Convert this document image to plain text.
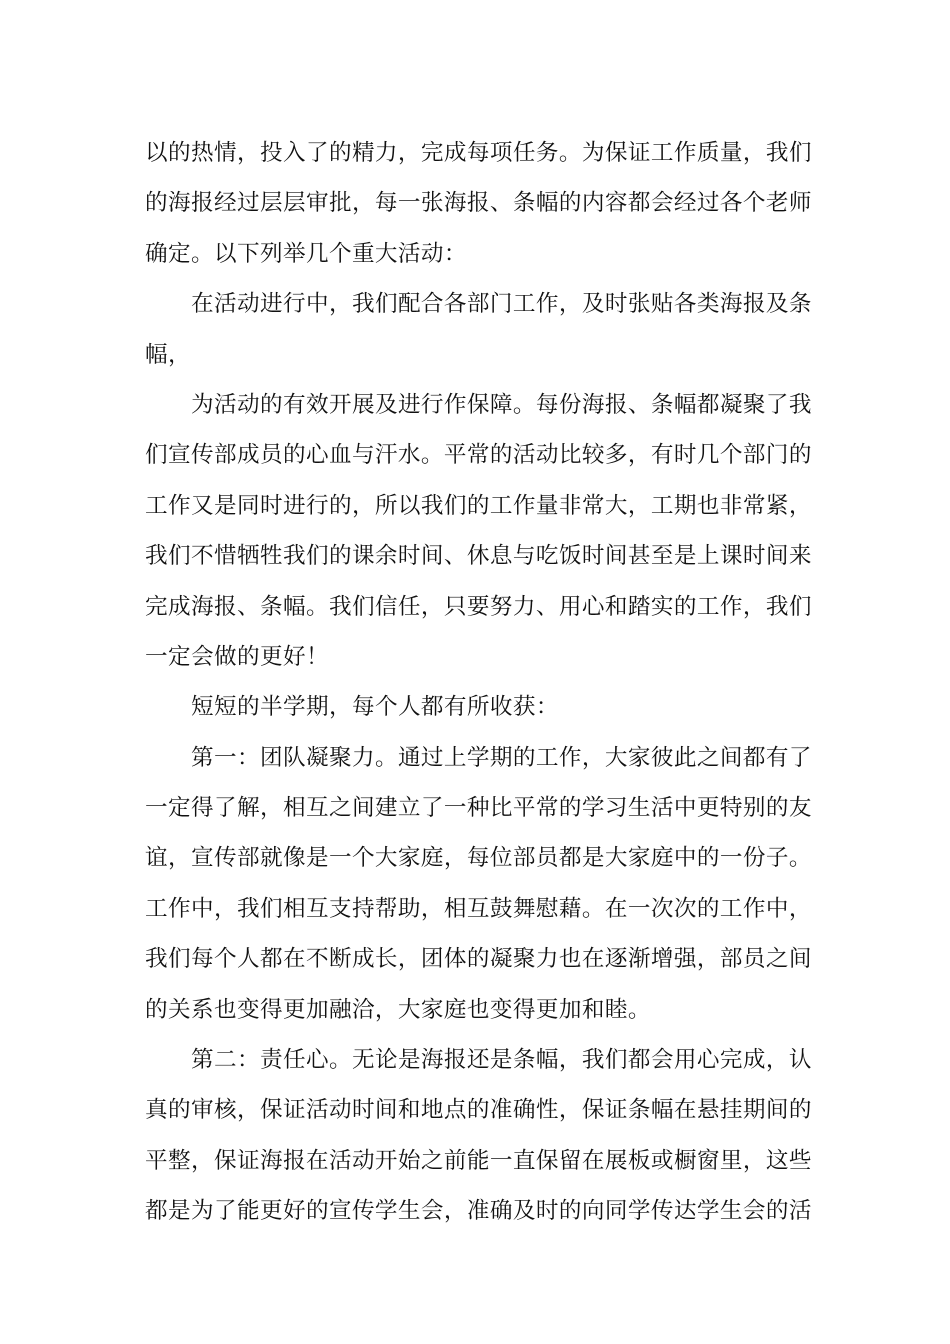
以的热情，投入了的精力，完成每项任务。为保证工作质量，我们
的海报经过层层审批，每一张海报、条幅的内容都会经过各个老师
确定。以下列举几个重大活动：
在活动进行中，我们配合各部门工作，及时张贴各类海报及条
幅，
为活动的有效开展及进行作保障。每份海报、条幅都凝聚了我
们宣传部成员的心血与汗水。平常的活动比较多，有时几个部门的
工作又是同时进行的，所以我们的工作量非常大，工期也非常紧，
我们不惜牺牲我们的课余时间、休息与吃饭时间甚至是上课时间来
完成海报、条幅。我们信任，只要努力、用心和踏实的工作，我们
一定会做的更好！
短短的半学期，每个人都有所收获：
第一：团队凝聚力。通过上学期的工作，大家彼此之间都有了
一定得了解，相互之间建立了一种比平常的学习生活中更特别的友
谊，宣传部就像是一个大家庭，每位部员都是大家庭中的一份子。
工作中，我们相互支持帮助，相互鼓舞慰藉。在一次次的工作中，
我们每个人都在不断成长，团体的凝聚力也在逐渐增强，部员之间
的关系也变得更加融洽，大家庭也变得更加和睦。
第二：责任心。无论是海报还是条幅，我们都会用心完成，认
真的审核，保证活动时间和地点的准确性，保证条幅在悬挂期间的
平整，保证海报在活动开始之前能一直保留在展板或橱窗里，这些
都是为了能更好的宣传学生会，准确及时的向同学传达学生会的活
